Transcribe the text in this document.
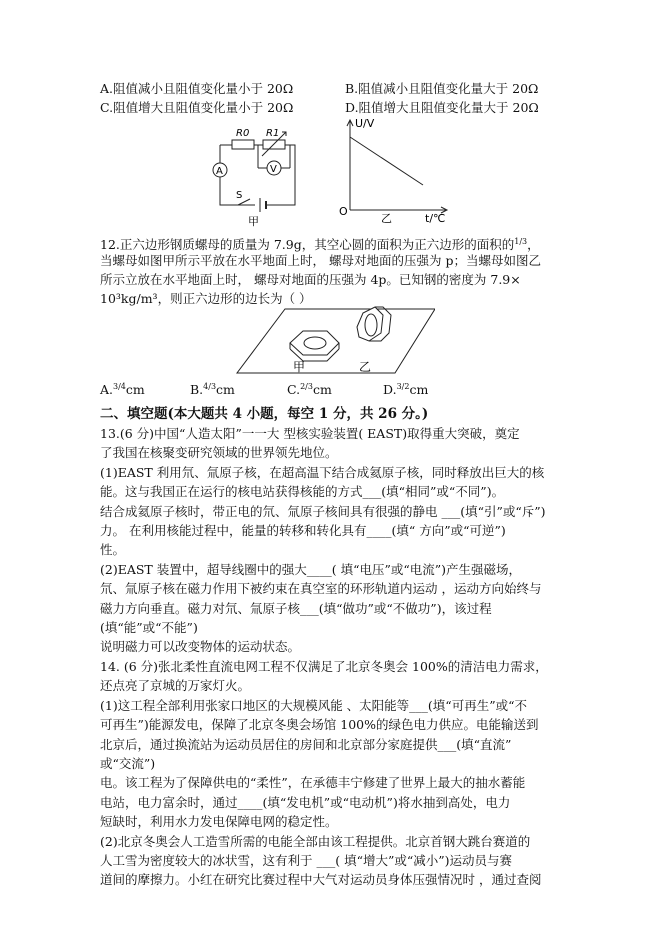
A.阻值减小且阻值变化量小于 20Ω	B.阻值减小且阻值变化量大于 20Ω
C.阻值增大且阻值变化量小于 20Ω	D.阻值增大且阻值变化量大于 20Ω
R0 R1
A	V
S
甲
U/V
O
乙	t/℃
12.正六边形钢质螺母的质量为 7.9g，其空心圆的面积为正六边形的面积的$^{1/3}$，
当螺母如图甲所示平放在水平地面上时， 螺母对地面的压强为 p；当螺母如图乙
所示立放在水平地面上时， 螺母对地面的压强为 4p。已知钢的密度为 7.9×
10³kg/m³，则正六边形的边长为（ ）
甲	乙
A.$^{3/4}$cm	B.$^{4/3}$cm	C.$^{2/3}$cm	D.$^{3/2}$cm
二、填空题(本大题共 4 小题，每空 1 分，共 26 分。)
13.(6 分)中国“人造太阳”一一大 型核实验装置( EAST)取得重大突破，奠定
了我国在核聚变研究领域的世界领先地位。
(1)EAST 利用氘、氚原子核，在超高温下结合成氦原子核，同时释放出巨大的核
能。这与我国正在运行的核电站获得核能的方式___(填“相同”或“不同”)。
结合成氦原子核时，带正电的氘、氚原子核间具有很强的静电 ___(填“引”或“斥”)
力。 在利用核能过程中，能量的转移和转化具有____(填“ 方向”或“可逆”)
性。
(2)EAST 装置中，超导线圈中的强大____( 填“电压”或“电流”)产生强磁场，
氘、氚原子核在磁力作用下被约束在真空室的环形轨道内运动 ，运动方向始终与
磁力方向垂直。磁力对氘、氚原子核___(填“做功”或“不做功”)，该过程
(填“能”或“不能”)
说明磁力可以改变物体的运动状态。
14. (6 分)张北柔性直流电网工程不仅满足了北京冬奥会 100%的清洁电力需求，
还点亮了京城的万家灯火。
(1)这工程全部利用张家口地区的大规模风能 、太阳能等___(填“可再生”或“不
可再生”)能源发电，保障了北京冬奥会场馆 100%的绿色电力供应。电能输送到
北京后，通过换流站为运动员居住的房间和北京部分家庭提供___(填“直流”
或“交流”)
电。该工程为了保障供电的“柔性”，在承德丰宁修建了世界上最大的抽水蓄能
电站，电力富余时，通过____(填“发电机”或“电动机”)将水抽到高处，电力
短缺时，利用水力发电保障电网的稳定性。
(2)北京冬奥会人工造雪所需的电能全部由该工程提供。北京首钢大跳台赛道的
人工雪为密度较大的冰状雪，这有利于 ___( 填“增大”或“减小”)运动员与赛
道间的摩擦力。小红在研究比赛过程中大气对运动员身体压强情况时 ，通过查阅
